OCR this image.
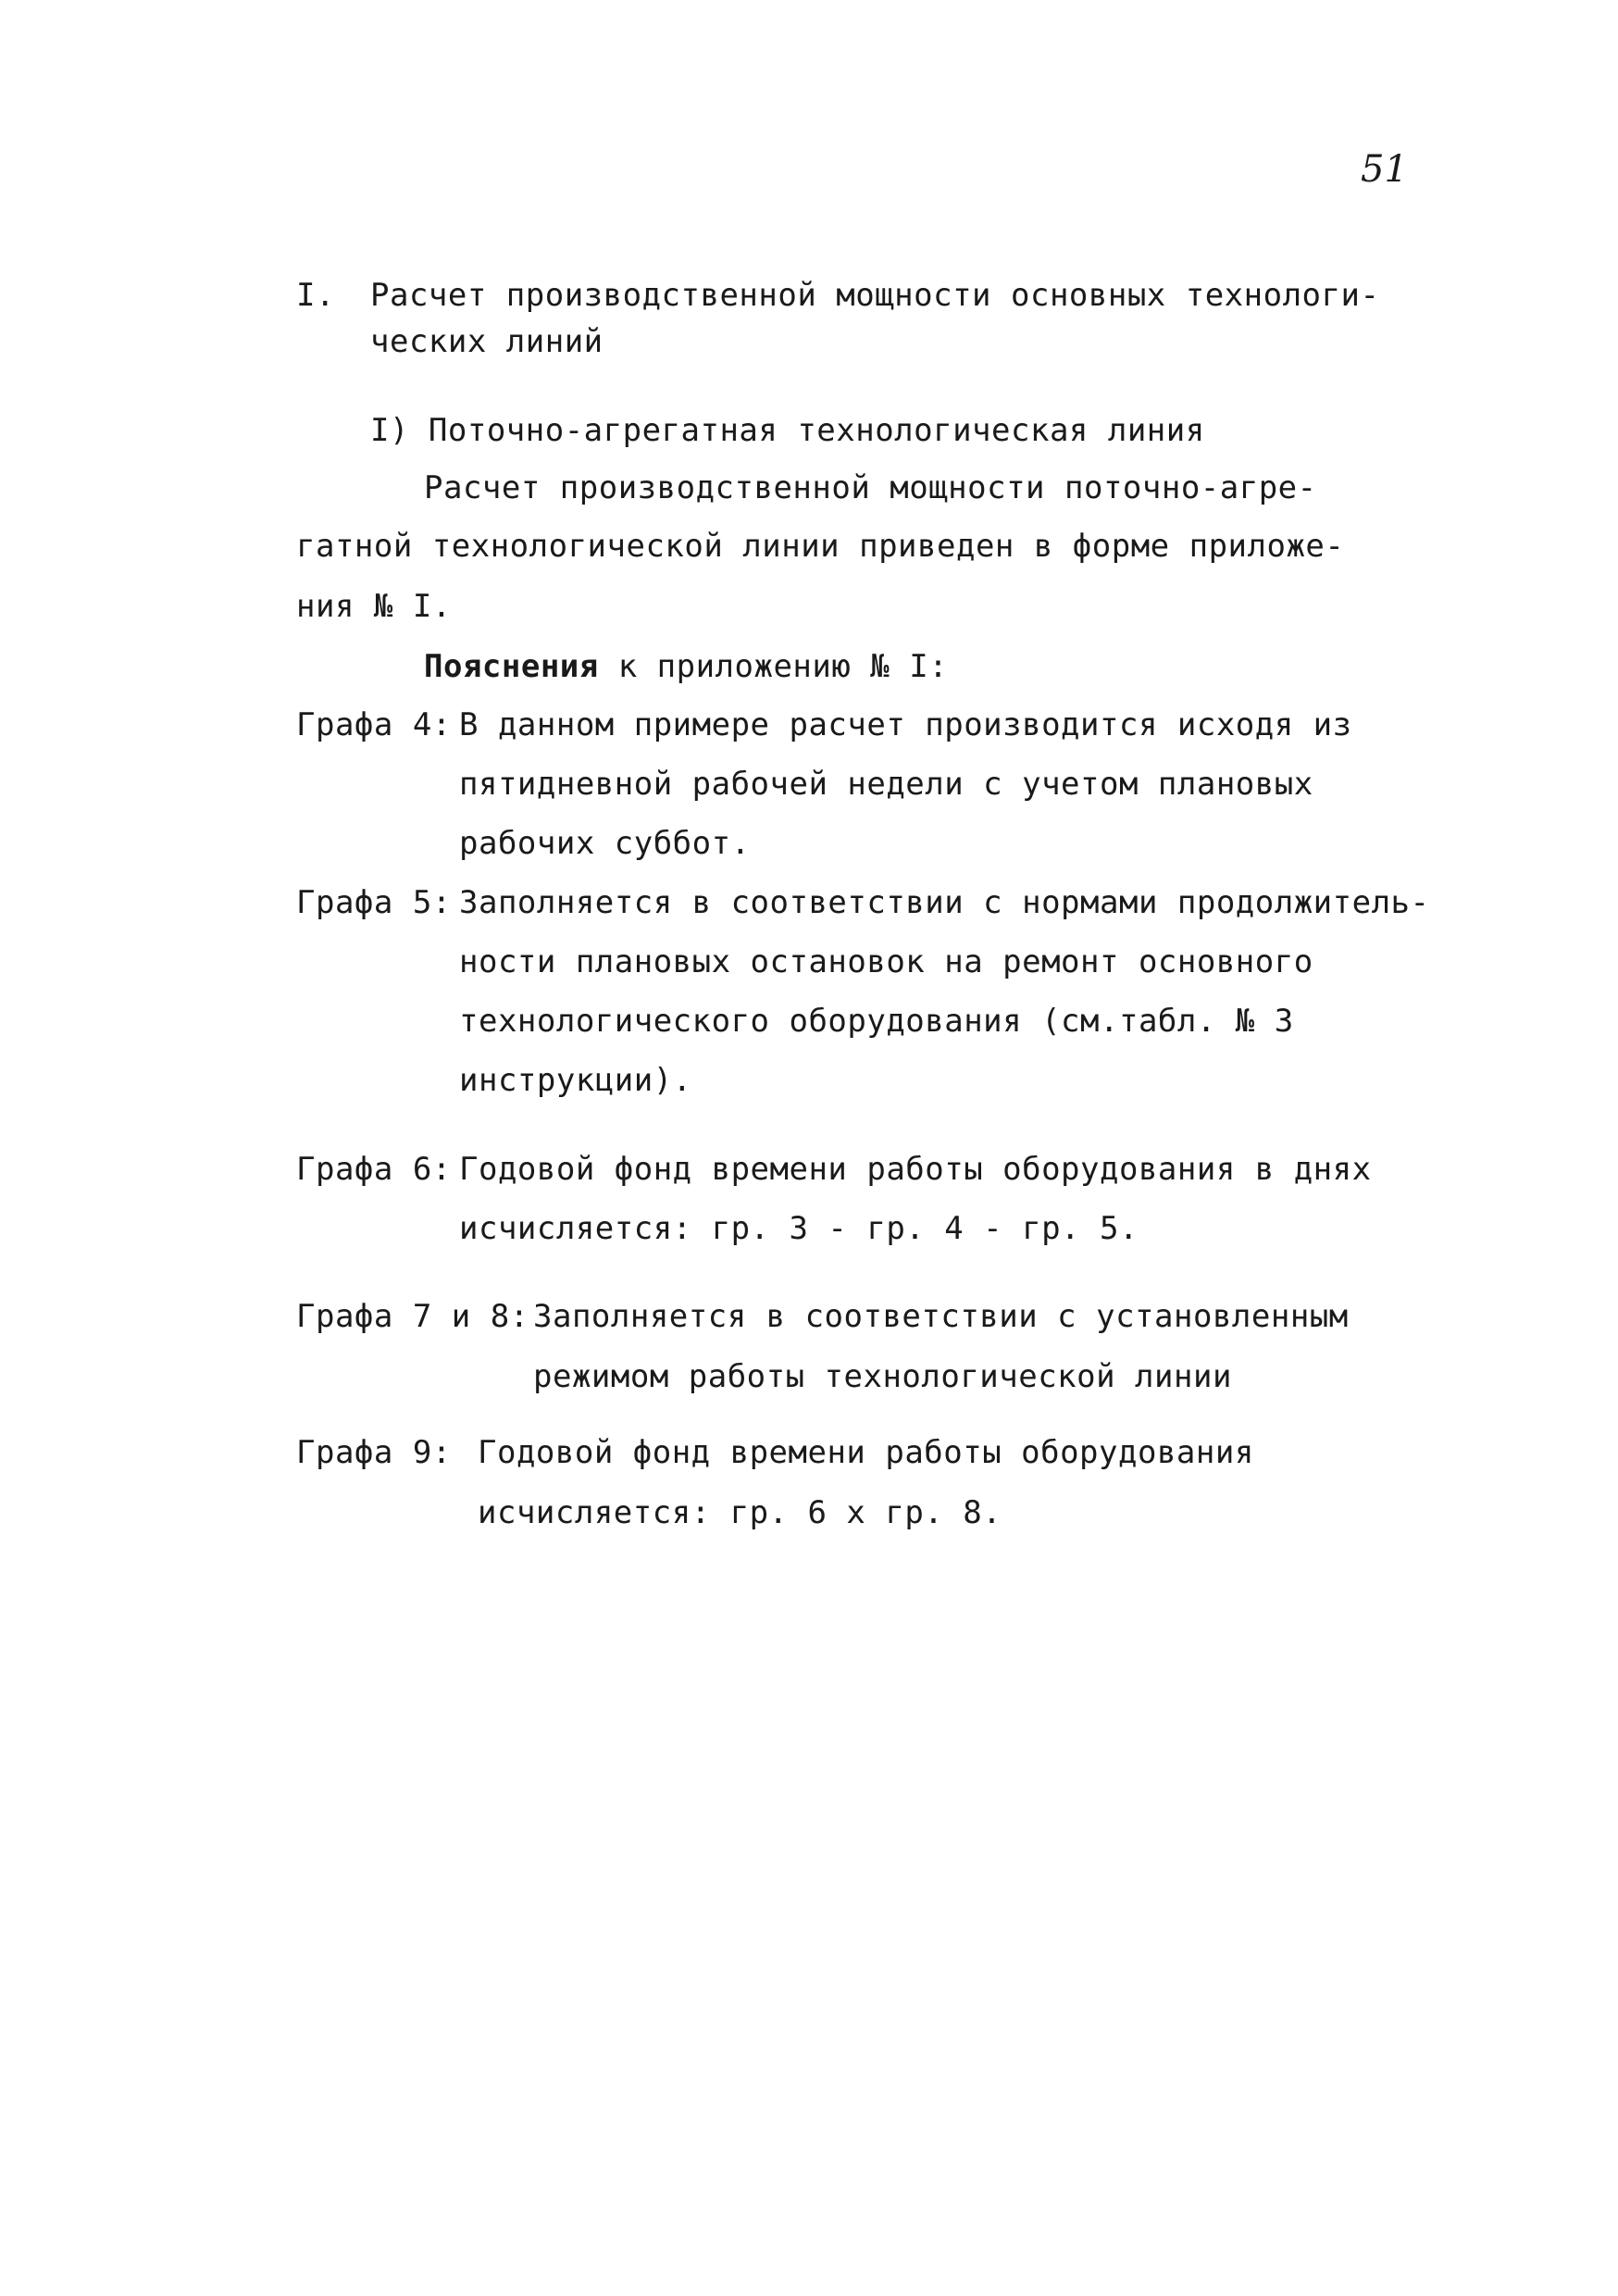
51
I. Расчет производственной мощности основных технологи-
ческих линий
I) Поточно-агрегатная технологическая линия
Расчет производственной мощности поточно-агре-
гатной технологической линии приведен в форме приложе-
ния № I.
Пояснения к приложению № I:
Графа 4: В данном примере расчет производится исходя из
пятидневной рабочей недели с учетом плановых
рабочих суббот.
Графа 5: Заполняется в соответствии с нормами продолжитель-
ности плановых остановок на ремонт основного
технологического оборудования (см.табл. № 3
инструкции).
Графа 6: Годовой фонд времени работы оборудования в днях
исчисляется: гр. 3 - гр. 4 - гр. 5.
Графа 7 и 8: Заполняется в соответствии с установленным
режимом работы технологической линии
Графа 9: Годовой фонд времени работы оборудования
исчисляется: гр. 6 х гр. 8.
